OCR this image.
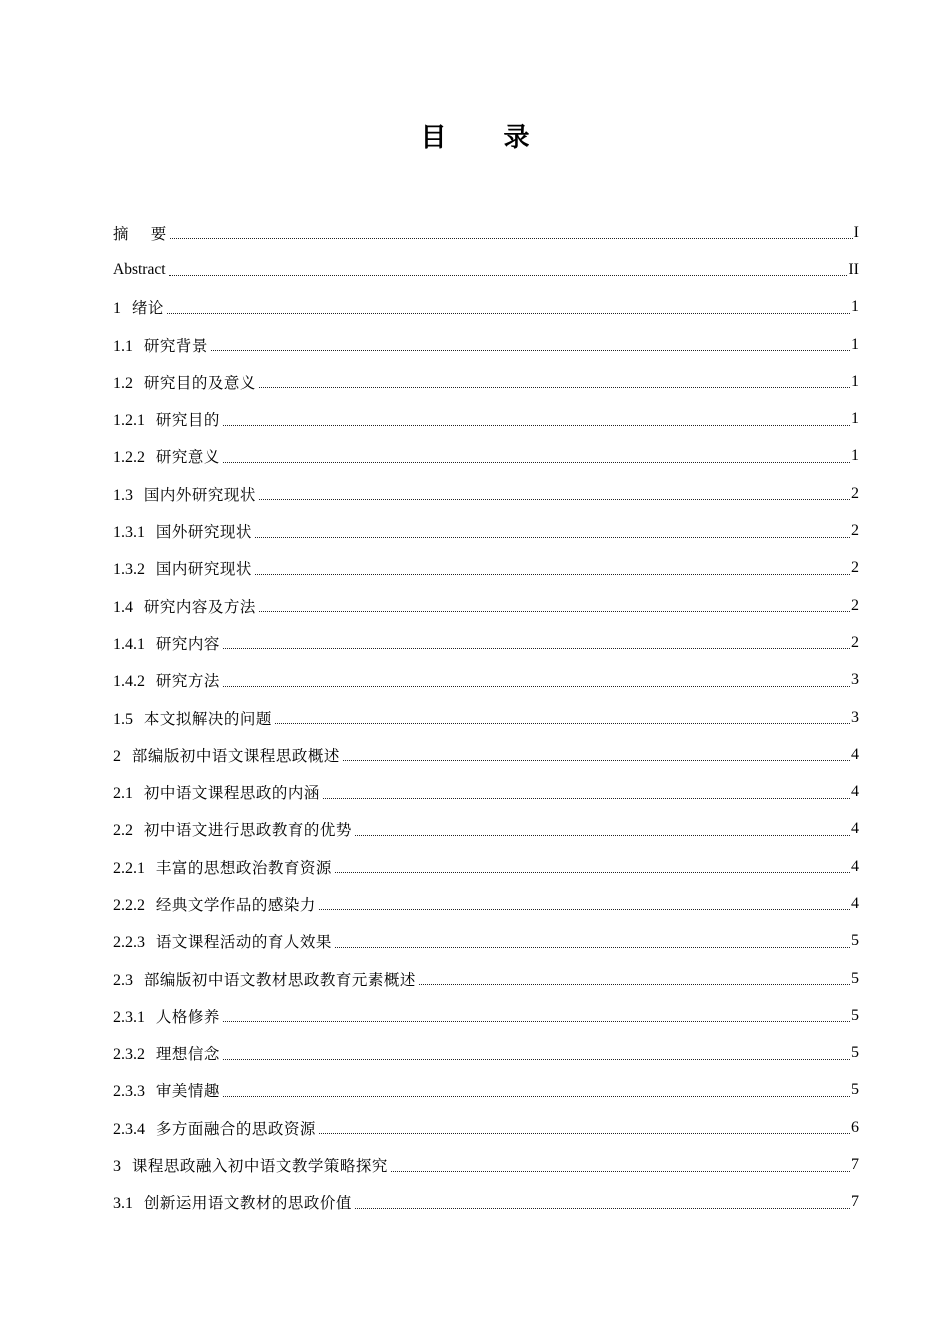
目 录
摘    要	I
Abstract	II
1 绪论	1
1.1 研究背景	1
1.2 研究目的及意义	1
1.2.1 研究目的	1
1.2.2 研究意义	1
1.3 国内外研究现状	2
1.3.1 国外研究现状	2
1.3.2 国内研究现状	2
1.4 研究内容及方法	2
1.4.1 研究内容	2
1.4.2 研究方法	3
1.5 本文拟解决的问题	3
2 部编版初中语文课程思政概述	4
2.1 初中语文课程思政的内涵	4
2.2 初中语文进行思政教育的优势	4
2.2.1 丰富的思想政治教育资源	4
2.2.2 经典文学作品的感染力	4
2.2.3 语文课程活动的育人效果	5
2.3 部编版初中语文教材思政教育元素概述	5
2.3.1 人格修养	5
2.3.2 理想信念	5
2.3.3 审美情趣	5
2.3.4 多方面融合的思政资源	6
3 课程思政融入初中语文教学策略探究	7
3.1 创新运用语文教材的思政价值	7
